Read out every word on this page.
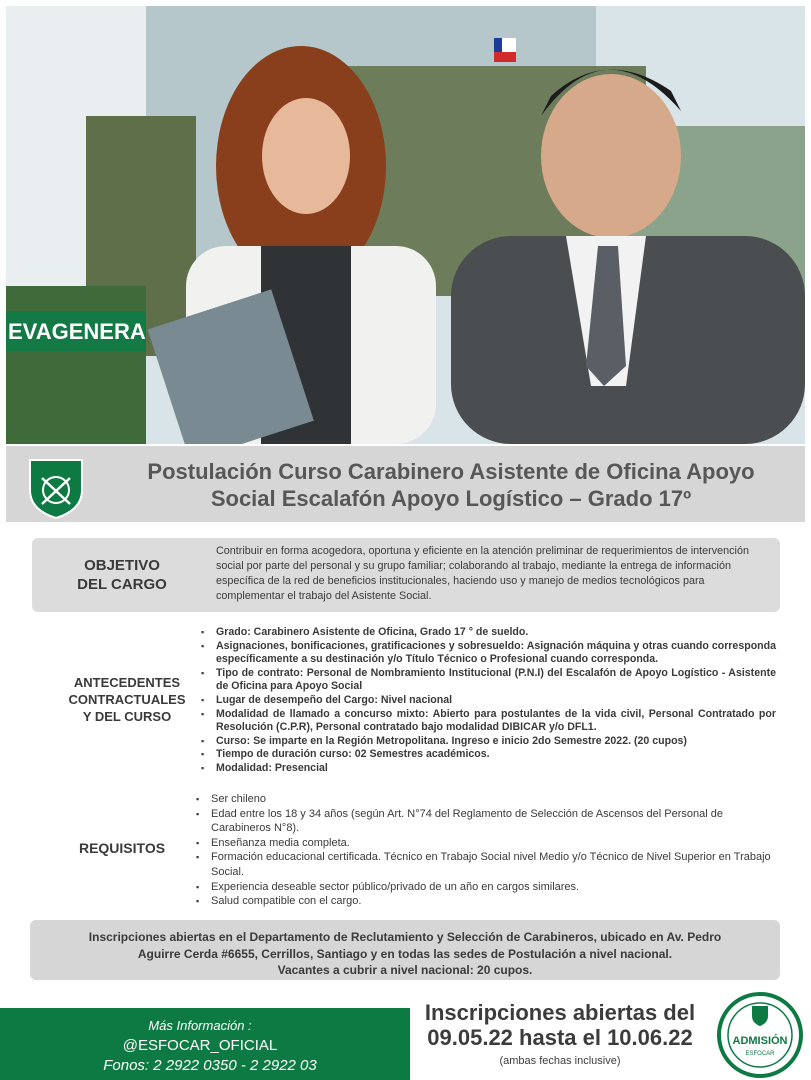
EVAGENERA
Postulación Curso Carabinero Asistente de Oficina Apoyo
Social Escalafón Apoyo Logístico – Grado 17º
OBJETIVO
DEL CARGO
Contribuir en forma acogedora, oportuna y eficiente en la atención preliminar de requerimientos de intervención social por parte del personal y su grupo familiar; colaborando al trabajo, mediante la entrega de información específica de la red de beneficios institucionales, haciendo uso y manejo de medios tecnológicos para complementar el trabajo del Asistente Social.
ANTECEDENTES
CONTRACTUALES
Y DEL CURSO
▪ Grado: Carabinero Asistente de Oficina, Grado 17 ° de sueldo.
▪ Asignaciones, bonificaciones, gratificaciones y sobresueldo: Asignación máquina y otras cuando corresponda específicamente a su destinación y/o Título Técnico o Profesional cuando corresponda.
▪ Tipo de contrato: Personal de Nombramiento Institucional (P.N.I) del Escalafón de Apoyo Logístico - Asistente de Oficina para Apoyo Social
▪ Lugar de desempeño del Cargo: Nivel nacional
▪ Modalidad de llamado a concurso mixto: Abierto para postulantes de la vida civil, Personal Contratado por Resolución (C.P.R), Personal contratado bajo modalidad DIBICAR y/o DFL1.
▪ Curso: Se imparte en la Región Metropolitana. Ingreso e inicio 2do Semestre 2022. (20 cupos)
▪ Tiempo de duración curso: 02 Semestres académicos.
▪ Modalidad: Presencial
REQUISITOS
▪ Ser chileno
▪ Edad entre los 18 y 34 años (según Art. N°74 del Reglamento de Selección de Ascensos del Personal de Carabineros N°8).
▪ Enseñanza media completa.
▪ Formación educacional certificada. Técnico en Trabajo Social nivel Medio y/o Técnico de Nivel Superior en Trabajo Social.
▪ Experiencia deseable sector público/privado de un año en cargos similares.
▪ Salud compatible con el cargo.
Inscripciones abiertas en el Departamento de Reclutamiento y Selección de Carabineros, ubicado en Av. Pedro
Aguirre Cerda #6655, Cerrillos, Santiago y en todas las sedes de Postulación a nivel nacional.
Vacantes a cubrir a nivel nacional: 20 cupos.
Más Información :
@ESFOCAR_OFICIAL
Fonos: 2 2922 0350 - 2 2922 03
Inscripciones abiertas del
09.05.22 hasta el 10.06.22
(ambas fechas inclusive)
ADMISIÓN
ESFOCAR
